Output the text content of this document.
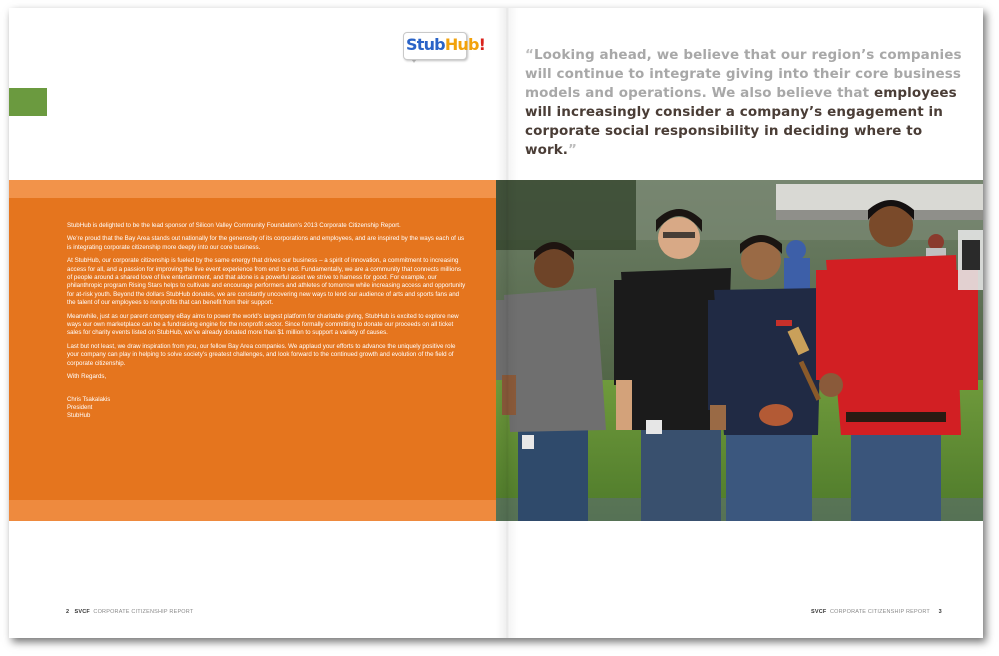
StubHub!
“Looking ahead, we believe that our region’s companies will continue to integrate giving into their core business models and operations. We also believe that employees will increasingly consider a company’s engagement in corporate social responsibility in deciding where to work.”

StubHub is delighted to be the lead sponsor of Silicon Valley Community Foundation’s 2013 Corporate Citizenship Report.

We’re proud that the Bay Area stands out nationally for the generosity of its corporations and employees, and are inspired by the ways each of us is integrating corporate citizenship more deeply into our core business.

At StubHub, our corporate citizenship is fueled by the same energy that drives our business – a spirit of innovation, a commitment to increasing access for all, and a passion for improving the live event experience from end to end. Fundamentally, we are a community that connects millions of people around a shared love of live entertainment, and that alone is a powerful asset we strive to harness for good. For example, our philanthropic program Rising Stars helps to cultivate and encourage performers and athletes of tomorrow while increasing access and opportunity for at-risk youth. Beyond the dollars StubHub donates, we are constantly uncovering new ways to lend our audience of arts and sports fans and the talent of our employees to nonprofits that can benefit from their support.

Meanwhile, just as our parent company eBay aims to power the world’s largest platform for charitable giving, StubHub is excited to explore new ways our own marketplace can be a fundraising engine for the nonprofit sector. Since formally committing to donate our proceeds on all ticket sales for charity events listed on StubHub, we’ve already donated more than $1 million to support a variety of causes.

Last but not least, we draw inspiration from you, our fellow Bay Area companies. We applaud your efforts to advance the uniquely positive role your company can play in helping to solve society’s greatest challenges, and look forward to the continued growth and evolution of the field of corporate citizenship.

With Regards,

Chris Tsakalakis
President
StubHub
2 SVCF CORPORATE CITIZENSHIP REPORT	SVCF CORPORATE CITIZENSHIP REPORT 3
